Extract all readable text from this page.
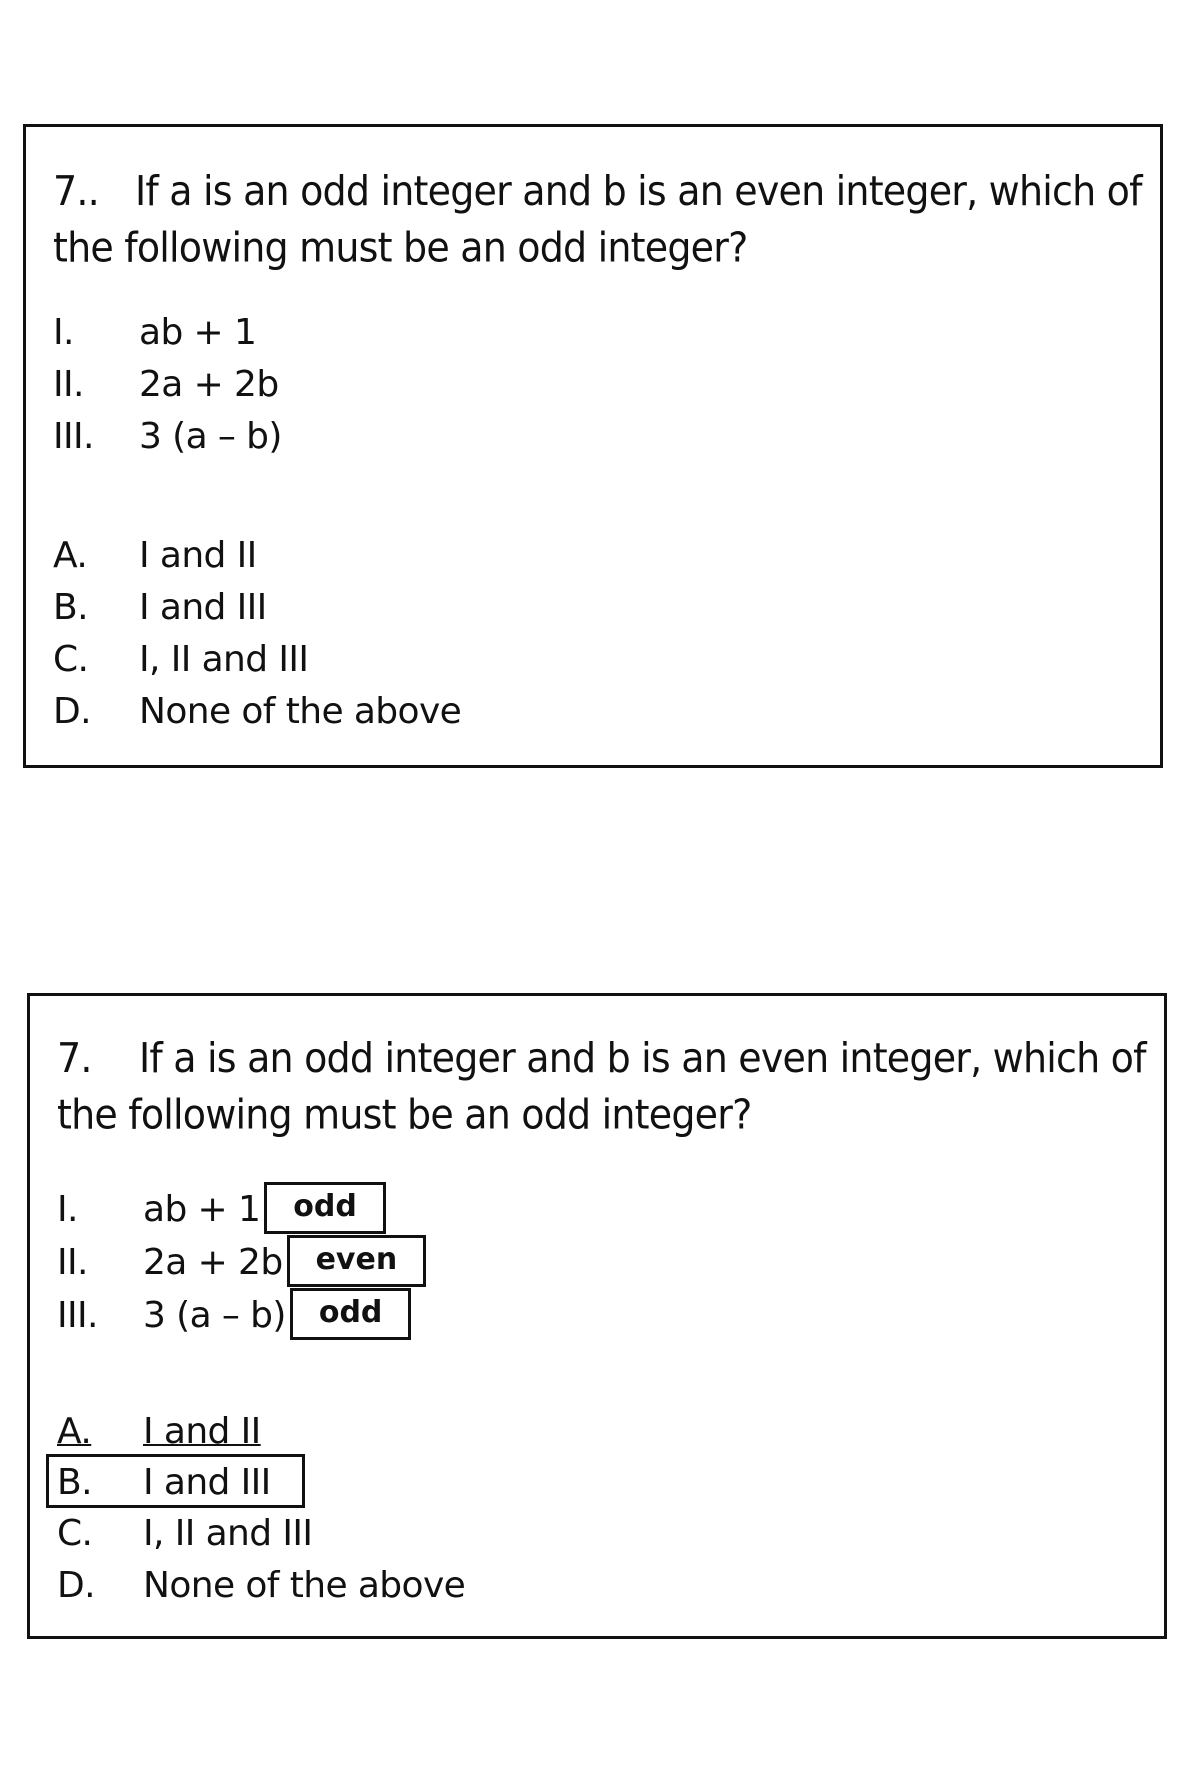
7.. If a is an odd integer and b is an even integer, which of the following must be an odd integer?
I. ab + 1
II. 2a + 2b
III. 3 (a – b)
A. I and II
B. I and III
C. I, II and III
D. None of the above
7. If a is an odd integer and b is an even integer, which of the following must be an odd integer?
I. ab + 1 odd
II. 2a + 2b even
III. 3 (a – b) odd
A. I and II
B. I and III
C. I, II and III
D. None of the above
